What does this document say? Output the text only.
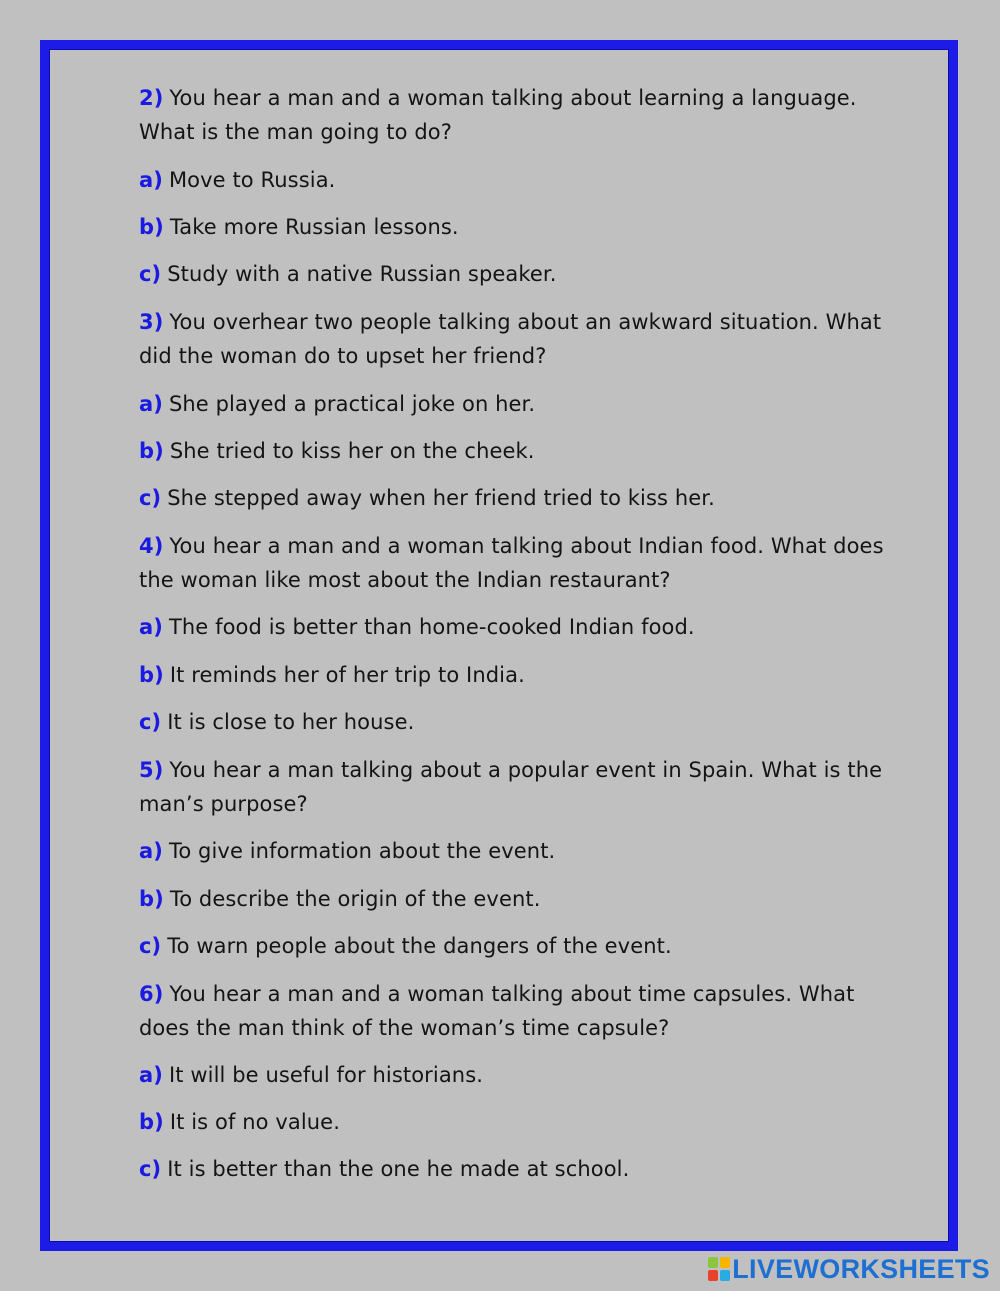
2) You hear a man and a woman talking about learning a language.
What is the man going to do?
a) Move to Russia.
b) Take more Russian lessons.
c) Study with a native Russian speaker.
3) You overhear two people talking about an awkward situation. What
did the woman do to upset her friend?
a) She played a practical joke on her.
b) She tried to kiss her on the cheek.
c) She stepped away when her friend tried to kiss her.
4) You hear a man and a woman talking about Indian food. What does
the woman like most about the Indian restaurant?
a) The food is better than home-cooked Indian food.
b) It reminds her of her trip to India.
c) It is close to her house.
5) You hear a man talking about a popular event in Spain. What is the
man’s purpose?
a) To give information about the event.
b) To describe the origin of the event.
c) To warn people about the dangers of the event.
6) You hear a man and a woman talking about time capsules. What
does the man think of the woman’s time capsule?
a) It will be useful for historians.
b) It is of no value.
c) It is better than the one he made at school.
LIVEWORKSHEETS
